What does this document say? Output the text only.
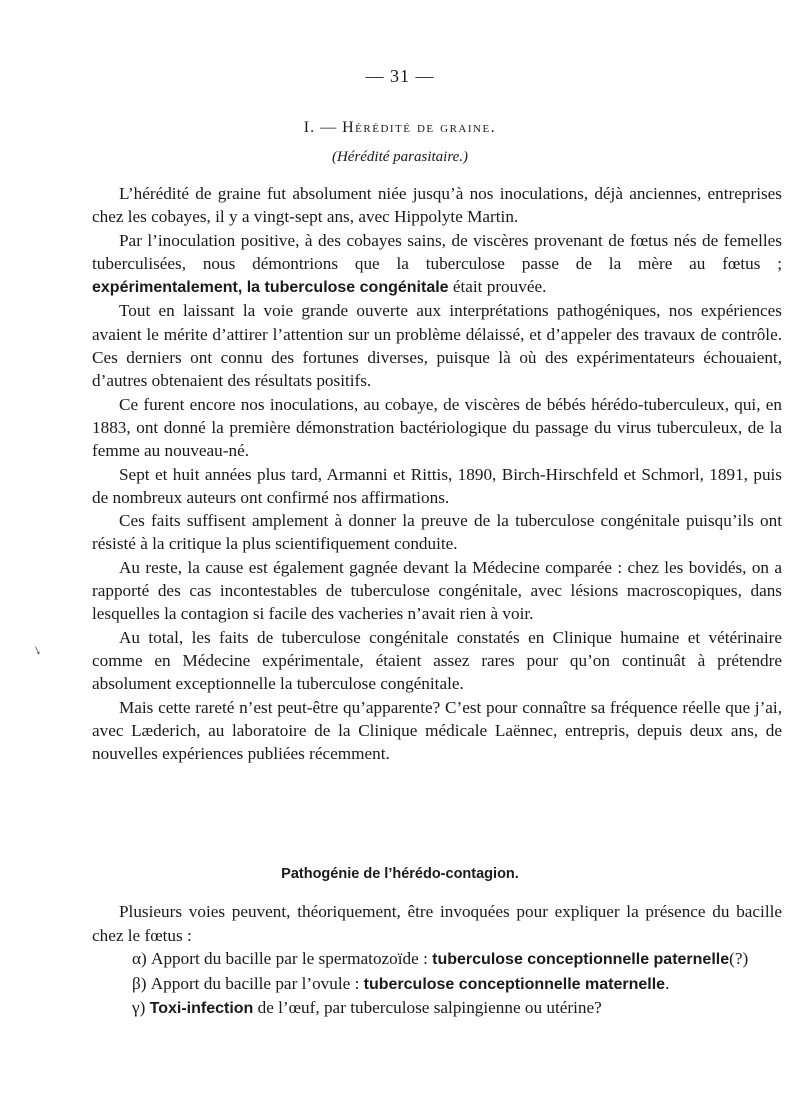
— 31 —
I. — Hérédité de graine.
(Hérédité parasitaire.)

L’hérédité de graine fut absolument niée jusqu’à nos inoculations, déjà anciennes, entreprises chez les cobayes, il y a vingt-sept ans, avec Hippolyte Martin.

Par l’inoculation positive, à des cobayes sains, de viscères provenant de fœtus nés de femelles tuberculisées, nous démontrions que la tuberculose passe de la mère au fœtus ; expérimentalement, la tuberculose congénitale était prouvée.

Tout en laissant la voie grande ouverte aux interprétations pathogéniques, nos expériences avaient le mérite d’attirer l’attention sur un problème délaissé, et d’appeler des travaux de contrôle. Ces derniers ont connu des fortunes diverses, puisque là où des expérimentateurs échouaient, d’autres obtenaient des résultats positifs.

Ce furent encore nos inoculations, au cobaye, de viscères de bébés hérédo-tuberculeux, qui, en 1883, ont donné la première démonstration bactériologique du passage du virus tuberculeux, de la femme au nouveau-né.

Sept et huit années plus tard, Armanni et Rittis, 1890, Birch-Hirschfeld et Schmorl, 1891, puis de nombreux auteurs ont confirmé nos affirmations.

Ces faits suffisent amplement à donner la preuve de la tuberculose congénitale puisqu’ils ont résisté à la critique la plus scientifiquement conduite.

Au reste, la cause est également gagnée devant la Médecine comparée : chez les bovidés, on a rapporté des cas incontestables de tuberculose congénitale, avec lésions macroscopiques, dans lesquelles la contagion si facile des vacheries n’avait rien à voir.

Au total, les faits de tuberculose congénitale constatés en Clinique humaine et vétérinaire comme en Médecine expérimentale, étaient assez rares pour qu’on continuât à prétendre absolument exceptionnelle la tuberculose congénitale.

Mais cette rareté n’est peut-être qu’apparente? C’est pour connaître sa fréquence réelle que j’ai, avec Læderich, au laboratoire de la Clinique médicale Laënnec, entrepris, depuis deux ans, de nouvelles expériences publiées récemment.

Pathogénie de l’hérédo-contagion.

Plusieurs voies peuvent, théoriquement, être invoquées pour expliquer la présence du bacille chez le fœtus :

α) Apport du bacille par le spermatozoïde : tuberculose conceptionnelle paternelle(?)

β) Apport du bacille par l’ovule : tuberculose conceptionnelle maternelle.

γ) Toxi-infection de l’œuf, par tuberculose salpingienne ou utérine?

↓
